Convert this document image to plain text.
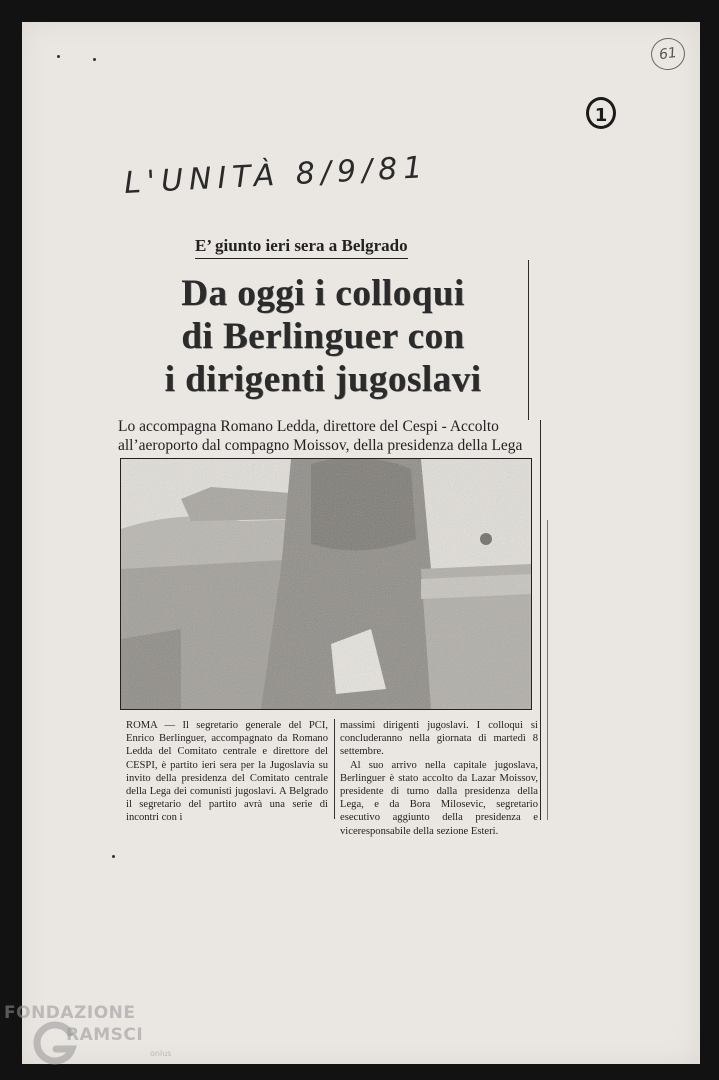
61
1
L'UNITÀ 8/9/81
E’ giunto ieri sera a Belgrado
Da oggi i colloqui
di Berlinguer con
i dirigenti jugoslavi
Lo accompagna Romano Ledda, direttore del Cespi - Accolto all’aeroporto dal compagno Moissov, della presidenza della Lega
ROMA — Il segretario generale del PCI, Enrico Berlinguer, accompagnato da Romano Ledda del Comitato centrale e direttore del CESPI, è partito ieri sera per la Jugoslavia su invito della presidenza del Comitato centrale della Lega dei comunisti jugoslavi. A Belgrado il segretario del partito avrà una serie di incontri con i
massimi dirigenti jugoslavi. I colloqui si concluderanno nella giornata di martedì 8 settembre.
Al suo arrivo nella capitale jugoslava, Berlinguer è stato accolto da Lazar Moissov, presidente di turno dalla presidenza della Lega, e da Bora Milosevic, segretario esecutivo aggiunto della presidenza e viceresponsabile della sezione Esteri.
FONDAZIONE
RAMSCI
onlus
